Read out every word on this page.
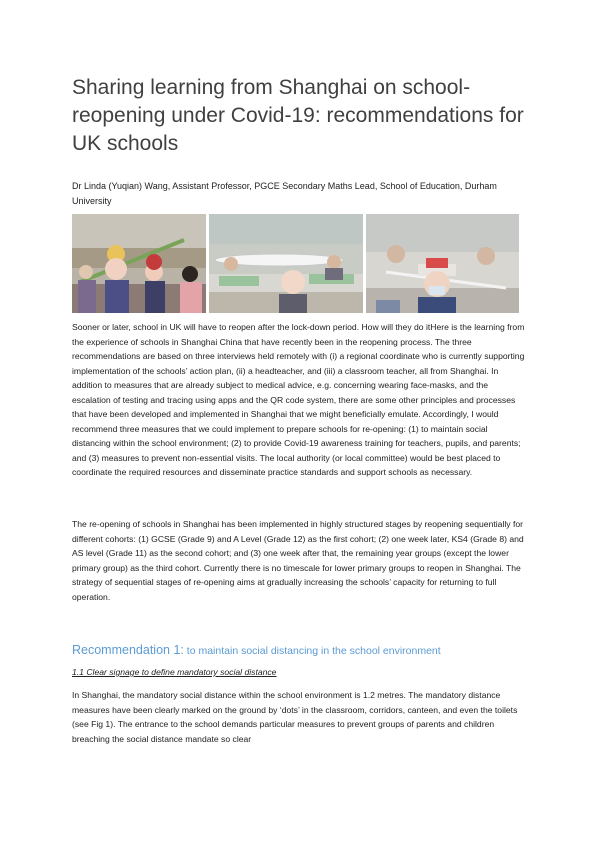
Sharing learning from Shanghai on school-reopening under Covid-19: recommendations for UK schools
Dr Linda (Yuqian) Wang, Assistant Professor, PGCE Secondary Maths Lead, School of Education, Durham University

Sooner or later, school in UK will have to reopen after the lock-down period. How will they do itHere is the learning from the experience of schools in Shanghai China that have recently been in the reopening process. The three recommendations are based on three interviews held remotely with (i) a regional coordinate who is currently supporting implementation of the schools’ action plan, (ii) a headteacher, and (iii) a classroom teacher, all from Shanghai. In addition to measures that are already subject to medical advice, e.g. concerning wearing face-masks, and the escalation of testing and tracing using apps and the QR code system, there are some other principles and processes that have been developed and implemented in Shanghai that we might beneficially emulate. Accordingly, I would recommend three measures that we could implement to prepare schools for re-opening: (1) to maintain social distancing within the school environment; (2) to provide Covid-19 awareness training for teachers, pupils, and parents; and (3) measures to prevent non-essential visits. The local authority (or local committee) would be best placed to coordinate the required resources and disseminate practice standards and support schools as necessary.

The re-opening of schools in Shanghai has been implemented in highly structured stages by reopening sequentially for different cohorts: (1) GCSE (Grade 9) and A Level (Grade 12) as the first cohort; (2) one week later, KS4 (Grade 8) and AS level (Grade 11) as the second cohort; and (3) one week after that, the remaining year groups (except the lower primary group) as the third cohort. Currently there is no timescale for lower primary groups to reopen in Shanghai. The strategy of sequential stages of re-opening aims at gradually increasing the schools’ capacity for returning to full operation.

Recommendation 1: to maintain social distancing in the school environment
1.1 Clear signage to define mandatory social distance

In Shanghai, the mandatory social distance within the school environment is 1.2 metres. The mandatory distance measures have been clearly marked on the ground by ‘dots’ in the classroom, corridors, canteen, and even the toilets (see Fig 1). The entrance to the school demands particular measures to prevent groups of parents and children breaching the social distance mandate so clear
